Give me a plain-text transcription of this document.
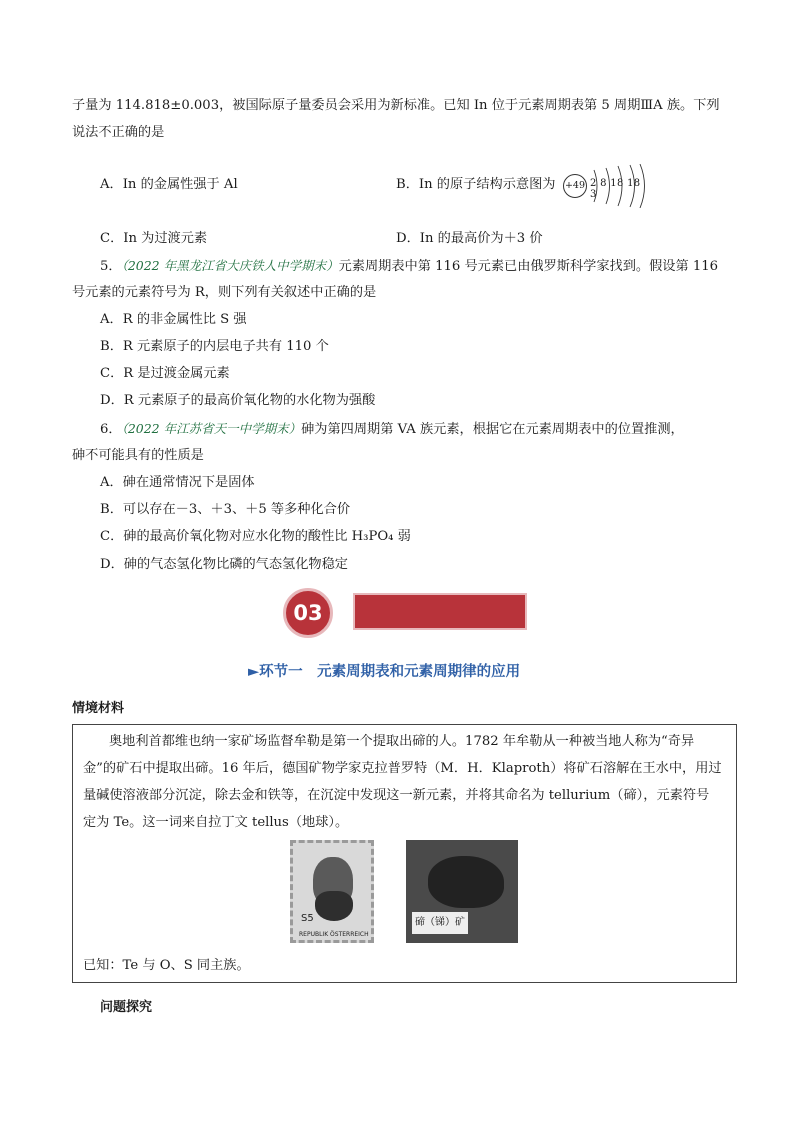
子量为 114.818±0.003，被国际原子量委员会采用为新标准。已知 In 位于元素周期表第 5 周期ⅢA 族。下列
说法不正确的是
A．In 的金属性强于 Al	B．In 的原子结构示意图为 +49 2 8 18 18 3
C．In 为过渡元素	D．In 的最高价为＋3 价
5．（2022 年黑龙江省大庆铁人中学期末）元素周期表中第 116 号元素已由俄罗斯科学家找到。假设第 116
号元素的元素符号为 R，则下列有关叙述中正确的是
A．R 的非金属性比 S 强
B．R 元素原子的内层电子共有 110 个
C．R 是过渡金属元素
D．R 元素原子的最高价氧化物的水化物为强酸
6．（2022 年江苏省天一中学期末）砷为第四周期第 VA 族元素，根据它在元素周期表中的位置推测，
砷不可能具有的性质是
A．砷在通常情况下是固体
B．可以存在－3、＋3、＋5 等多种化合价
C．砷的最高价氧化物对应水化物的酸性比 H₃PO₄ 弱
D．砷的气态氢化物比磷的气态氢化物稳定
03
►环节一　元素周期表和元素周期律的应用
情境材料
奥地利首都维也纳一家矿场监督牟勒是第一个提取出碲的人。1782 年牟勒从一种被当地人称为“奇异
金”的矿石中提取出碲。16 年后，德国矿物学家克拉普罗特（M．H．Klaproth）将矿石溶解在王水中，用过
量碱使溶液部分沉淀，除去金和铁等，在沉淀中发现这一新元素，并将其命名为 tellurium（碲），元素符号
定为 Te。这一词来自拉丁文 tellus（地球）。
S5
REPUBLIK ÖSTERREICH
碲（锑）矿
已知：Te 与 O、S 同主族。
问题探究
